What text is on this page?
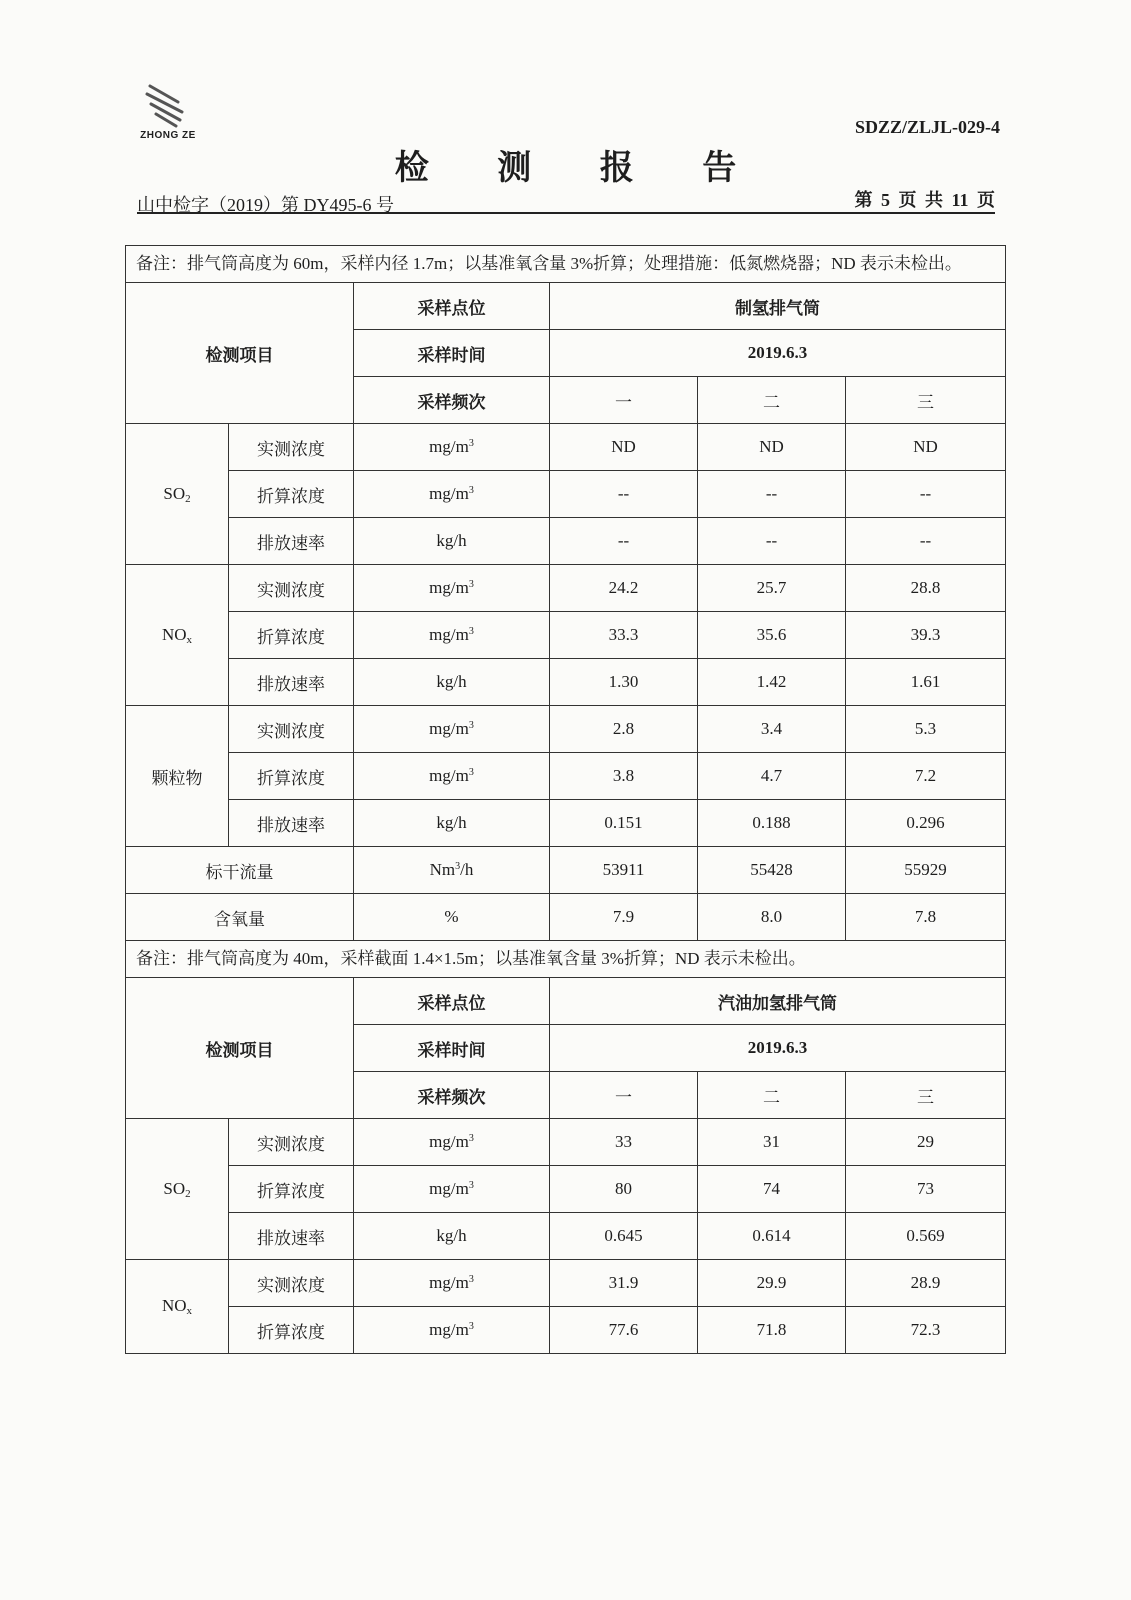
ZHONG ZE	SDZZ/ZLJL-029-4
检 测 报 告
山中检字（2019）第 DY495-6 号	第 5 页 共 11 页
备注：排气筒高度为 60m，采样内径 1.7m；以基准氧含量 3%折算；处理措施：低氮燃烧器；ND 表示未检出。					
检测项目		采样点位	制氢排气筒		
		采样时间	2019.6.3		
		采样频次	一	二	三
$SO_2$	实测浓度	$mg/m^3$	ND	ND	ND
	折算浓度	$mg/m^3$	--	--	--
	排放速率	kg/h	--	--	--
$NO_x$	实测浓度	$mg/m^3$	24.2	25.7	28.8
	折算浓度	$mg/m^3$	33.3	35.6	39.3
	排放速率	kg/h	1.30	1.42	1.61
颗粒物	实测浓度	$mg/m^3$	2.8	3.4	5.3
	折算浓度	$mg/m^3$	3.8	4.7	7.2
	排放速率	kg/h	0.151	0.188	0.296
标干流量		Nm$^3$/h	53911	55428	55929
含氧量		%	7.9	8.0	7.8
备注：排气筒高度为 40m，采样截面 1.4×1.5m；以基准氧含量 3%折算；ND 表示未检出。					
检测项目		采样点位	汽油加氢排气筒		
		采样时间	2019.6.3		
		采样频次	一	二	三
$SO_2$	实测浓度	$mg/m^3$	33	31	29
	折算浓度	$mg/m^3$	80	74	73
	排放速率	kg/h	0.645	0.614	0.569
$NO_x$	实测浓度	$mg/m^3$	31.9	29.9	28.9
	折算浓度	$mg/m^3$	77.6	71.8	72.3
